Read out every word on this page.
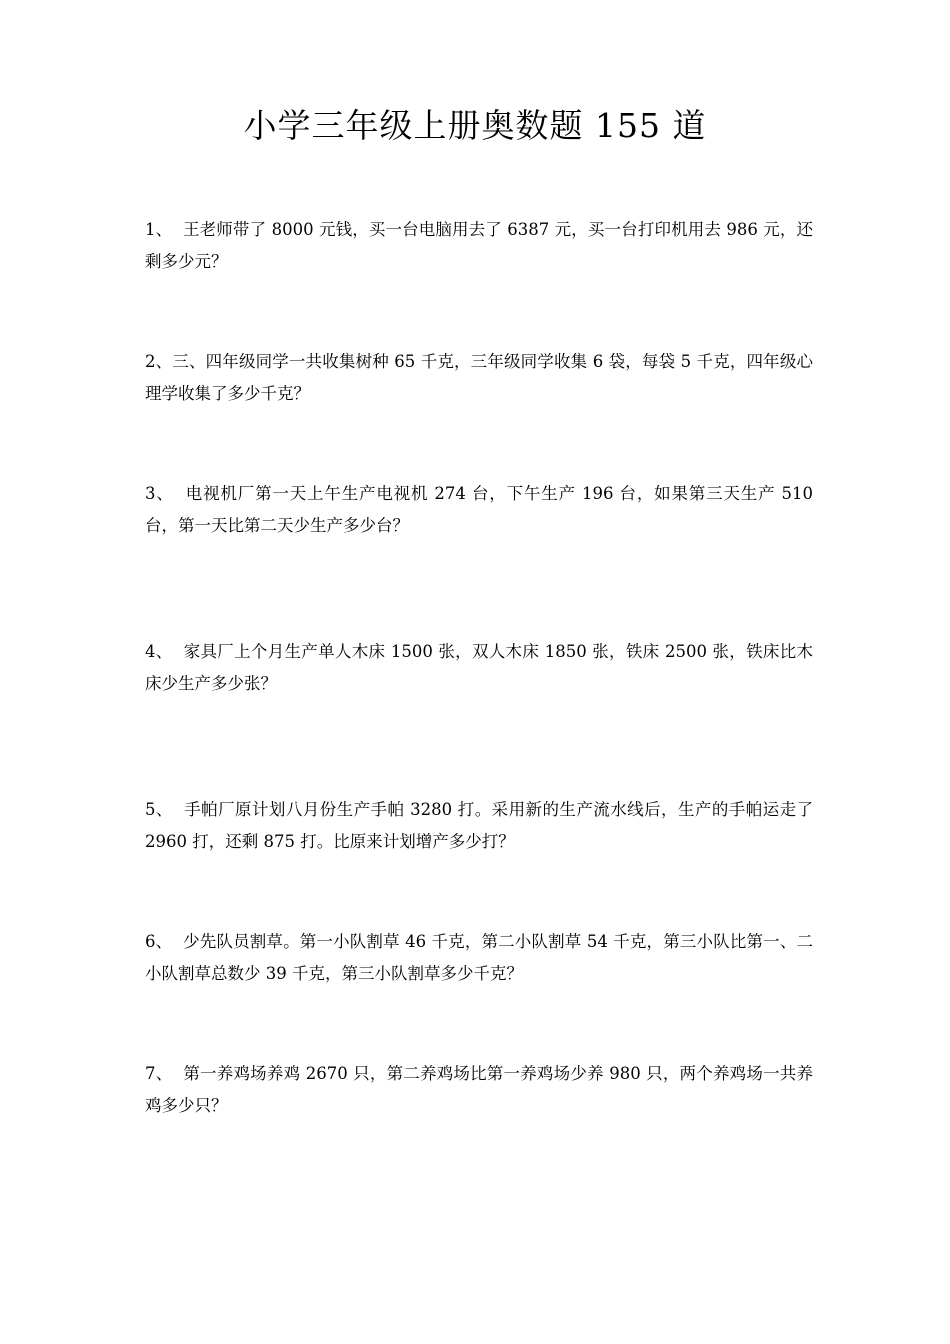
小学三年级上册奥数题 155 道

1、 王老师带了 8000 元钱，买一台电脑用去了 6387 元，买一台打印机用去 986 元，还剩多少元？

2、三、四年级同学一共收集树种 65 千克，三年级同学收集 6 袋，每袋 5 千克，四年级心理学收集了多少千克？

3、 电视机厂第一天上午生产电视机 274 台，下午生产 196 台，如果第三天生产 510 台，第一天比第二天少生产多少台？

4、 家具厂上个月生产单人木床 1500 张，双人木床 1850 张，铁床 2500 张，铁床比木床少生产多少张？

5、 手帕厂原计划八月份生产手帕 3280 打。采用新的生产流水线后，生产的手帕运走了 2960 打，还剩 875 打。比原来计划增产多少打？

6、 少先队员割草。第一小队割草 46 千克，第二小队割草 54 千克，第三小队比第一、二小队割草总数少 39 千克，第三小队割草多少千克？

7、 第一养鸡场养鸡 2670 只，第二养鸡场比第一养鸡场少养 980 只，两个养鸡场一共养鸡多少只？
